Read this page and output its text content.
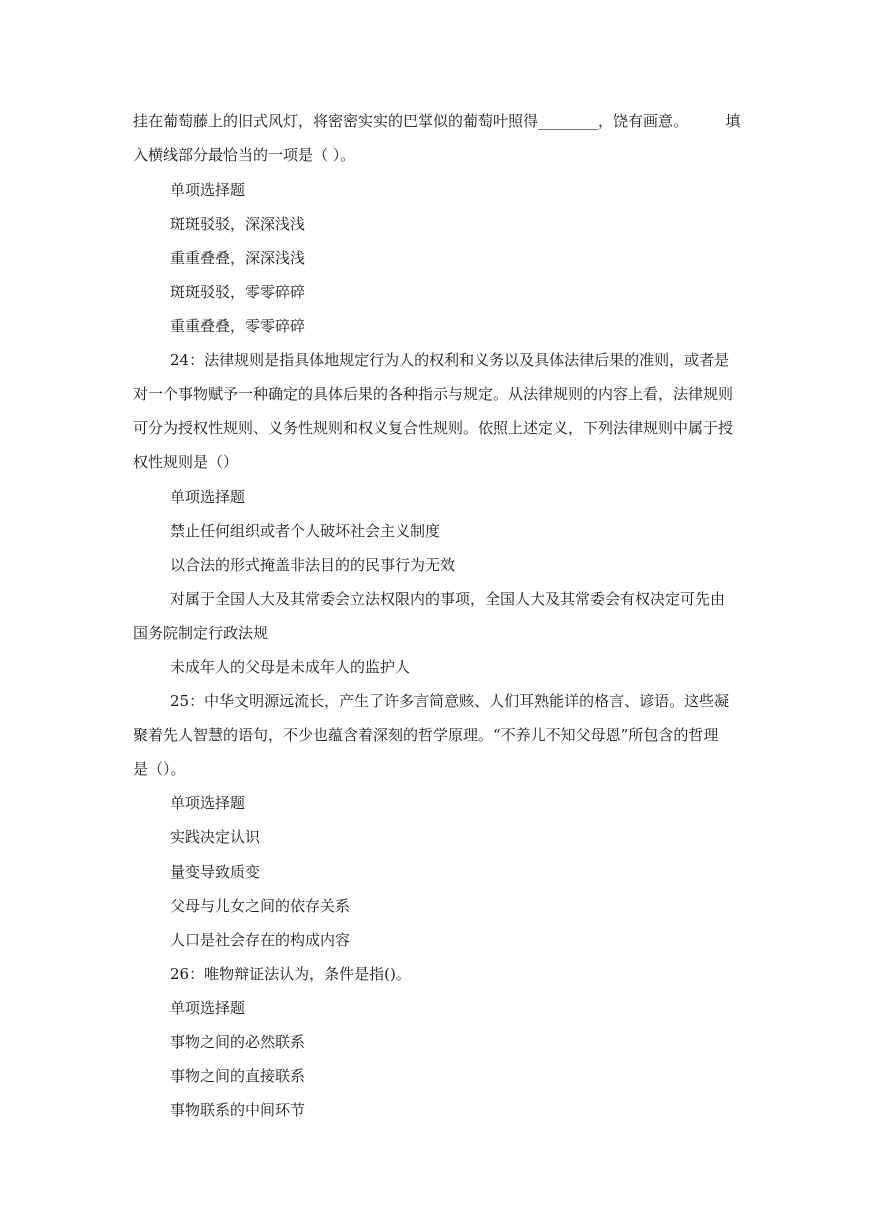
挂在葡萄藤上的旧式风灯，将密密实实的巴掌似的葡萄叶照得________，饶有画意。　　　填
入横线部分最恰当的一项是（ ）。
单项选择题
斑斑驳驳，深深浅浅
重重叠叠，深深浅浅
斑斑驳驳，零零碎碎
重重叠叠，零零碎碎
24：法律规则是指具体地规定行为人的权利和义务以及具体法律后果的准则，或者是
对一个事物赋予一种确定的具体后果的各种指示与规定。从法律规则的内容上看，法律规则
可分为授权性规则、义务性规则和权义复合性规则。依照上述定义，下列法律规则中属于授
权性规则是（）
单项选择题
禁止任何组织或者个人破坏社会主义制度
以合法的形式掩盖非法目的的民事行为无效
对属于全国人大及其常委会立法权限内的事项，全国人大及其常委会有权决定可先由
国务院制定行政法规
未成年人的父母是未成年人的监护人
25：中华文明源远流长，产生了许多言简意赅、人们耳熟能详的格言、谚语。这些凝
聚着先人智慧的语句，不少也蕴含着深刻的哲学原理。“不养儿不知父母恩”所包含的哲理
是（）。
单项选择题
实践决定认识
量变导致质变
父母与儿女之间的依存关系
人口是社会存在的构成内容
26：唯物辩证法认为，条件是指()。
单项选择题
事物之间的必然联系
事物之间的直接联系
事物联系的中间环节
